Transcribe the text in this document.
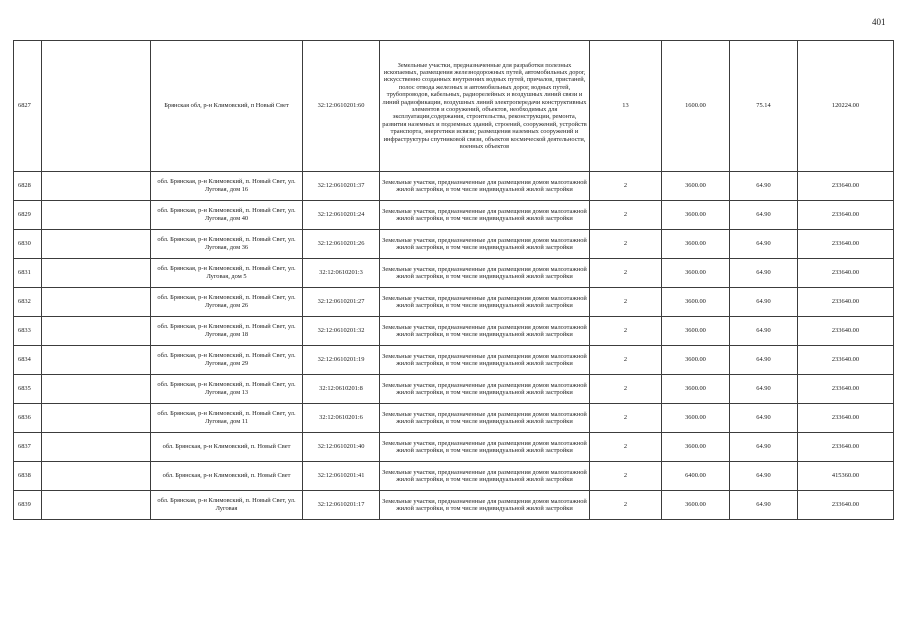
401
6827		Брянская обл, р-н Климовский, п Новый Свет	32:12:0610201:60	Земельные участки, предназначенные для разработки полезных ископаемых, размещения железнодорожных путей, автомобильных дорог, искусственно созданных внутренних водных путей, причалов, пристаней, полос отвода железных и автомобильных дорог, водных путей, трубопроводов, кабельных, радиорелейных и воздушных линий связи и линий радиофикации, воздушных линий электропередачи конструктивных элементов и сооружений, объектов, необходимых для эксплуатации,содержания, строительства, реконструкции, ремонта, развития наземных и подземных зданий, строений, сооружений, устройств транспорта, энергетики исвязи; размещения наземных сооружений и инфраструктуры спутниковой связи, объектов космической деятельности, военных объектов	13	1600.00	75.14	120224.00
6828		обл. Брянская, р-н Климовский, п. Новый Свет, ул. Луговая, дом 16	32:12:0610201:37	Земельные участки, предназначенные для размещения домов малоэтажной жилой застройки, в том числе индивидуальной жилой застройки	2	3600.00	64.90	233640.00
6829		обл. Брянская, р-н Климовский, п. Новый Свет, ул. Луговая, дом 40	32:12:0610201:24	Земельные участки, предназначенные для размещения домов малоэтажной жилой застройки, в том числе индивидуальной жилой застройки	2	3600.00	64.90	233640.00
6830		обл. Брянская, р-н Климовский, п. Новый Свет, ул. Луговая, дом 36	32:12:0610201:26	Земельные участки, предназначенные для размещения домов малоэтажной жилой застройки, в том числе индивидуальной жилой застройки	2	3600.00	64.90	233640.00
6831		обл. Брянская, р-н Климовский, п. Новый Свет, ул. Луговая, дом 5	32:12:0610201:3	Земельные участки, предназначенные для размещения домов малоэтажной жилой застройки, в том числе индивидуальной жилой застройки	2	3600.00	64.90	233640.00
6832		обл. Брянская, р-н Климовский, п. Новый Свет, ул. Луговая, дом 26	32:12:0610201:27	Земельные участки, предназначенные для размещения домов малоэтажной жилой застройки, в том числе индивидуальной жилой застройки	2	3600.00	64.90	233640.00
6833		обл. Брянская, р-н Климовский, п. Новый Свет, ул. Луговая, дом 18	32:12:0610201:32	Земельные участки, предназначенные для размещения домов малоэтажной жилой застройки, в том числе индивидуальной жилой застройки	2	3600.00	64.90	233640.00
6834		обл. Брянская, р-н Климовский, п. Новый Свет, ул. Луговая, дом 29	32:12:0610201:19	Земельные участки, предназначенные для размещения домов малоэтажной жилой застройки, в том числе индивидуальной жилой застройки	2	3600.00	64.90	233640.00
6835		обл. Брянская, р-н Климовский, п. Новый Свет, ул. Луговая, дом 13	32:12:0610201:8	Земельные участки, предназначенные для размещения домов малоэтажной жилой застройки, в том числе индивидуальной жилой застройки	2	3600.00	64.90	233640.00
6836		обл. Брянская, р-н Климовский, п. Новый Свет, ул. Луговая, дом 11	32:12:0610201:6	Земельные участки, предназначенные для размещения домов малоэтажной жилой застройки, в том числе индивидуальной жилой застройки	2	3600.00	64.90	233640.00
6837		обл. Брянская, р-н Климовский, п. Новый Свет	32:12:0610201:40	Земельные участки, предназначенные для размещения домов малоэтажной жилой застройки, в том числе индивидуальной жилой застройки	2	3600.00	64.90	233640.00
6838		обл. Брянская, р-н Климовский, п. Новый Свет	32:12:0610201:41	Земельные участки, предназначенные для размещения домов малоэтажной жилой застройки, в том числе индивидуальной жилой застройки	2	6400.00	64.90	415360.00
6839		обл. Брянская, р-н Климовский, п. Новый Свет, ул. Луговая	32:12:0610201:17	Земельные участки, предназначенные для размещения домов малоэтажной жилой застройки, в том числе индивидуальной жилой застройки	2	3600.00	64.90	233640.00
